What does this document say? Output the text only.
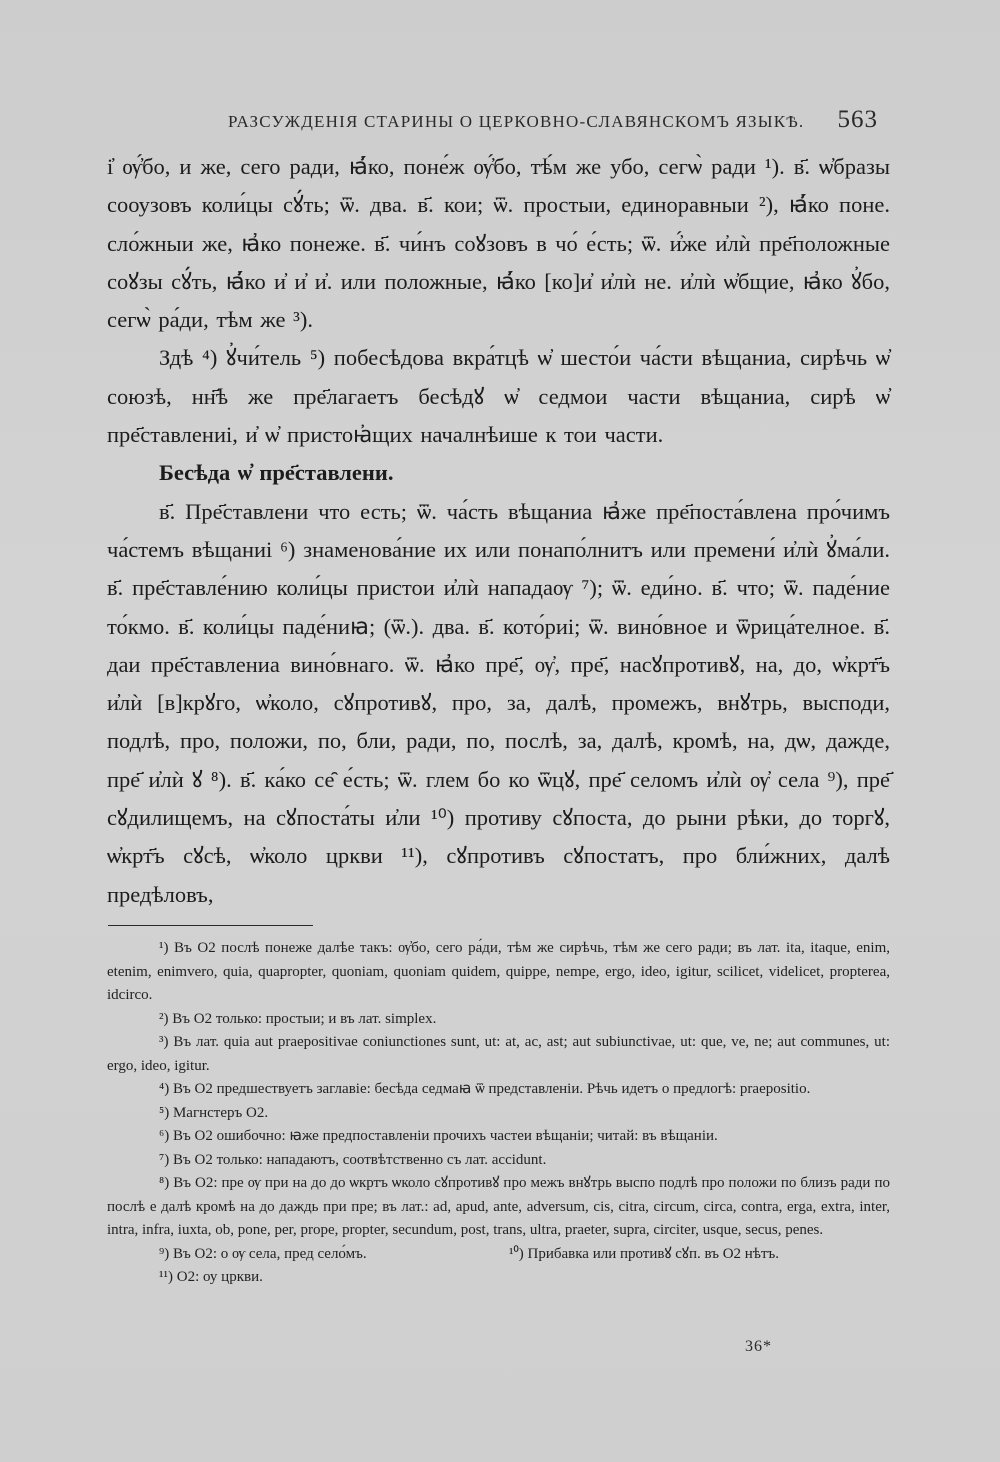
РАЗСУЖДЕНІЯ СТАРИНЫ О ЦЕРКОВНО-СЛАВЯНСКОМЪ ЯЗЫКѢ. 563

і҆ ѹ҆́бо, и же, сего ради, ꙗ҆́ко, поне́ж ѹ҆́бо, тѣ́м же убо, сегѡ̀ ради ¹). в҃. ѡ҆бразы сооузовъ коли́цы сꙋ́ть; ѿ. два. в҃. кои; ѿ. простыи, единоравныи ²), ꙗ҆́ко поне. сло́жныи же, ꙗ҆ко понеже. в҃. чи́нъ соꙋзовъ в чо́ е́сть; ѿ. и҆́же и҆лѝ пре҃положные соꙋзы сꙋ́ть, ꙗ҆́ко и҆ и҆ и҆. или положные, ꙗ҆́ко [ко]и҆ и҆лѝ не. и҆лѝ ѡ҆бщие, ꙗ҆ко ꙋ҆бо, сегѡ̀ ра́ди, тѣм же ³).

Здѣ ⁴) ꙋ҆чи́тель ⁵) побесѣдова вкра́тцѣ ѡ҆ шесто́и ча́сти вѣщаниа, сирѣчь ѡ҆ союзѣ, нн҃ѣ же пре҃лагаетъ бесѣдꙋ ѡ҆ седмои части вѣщаниа, сирѣ ѡ҆ пре҃ставлениі, и҆ ѡ҆ пристоꙗ҆щих началнѣише к тои части.

Бесѣда ѡ҆ пре҃ставлени.

в҃. Пре҃ставлени что есть; ѿ. ча́сть вѣщаниа ꙗ҆же пре҃поста́влена про́чимъ ча́стемъ вѣщаниі ⁶) знаменова́ние их или понапо́лнитъ или премени́ и҆лѝ ꙋ҆ма́ли. в҃. пре҃ставле́нию коли́цы пристои и҆лѝ нападаѹ ⁷); ѿ. еди́но. в҃. что; ѿ. паде́ние то́кмо. в҃. коли́цы паде́ниꙗ; (ѿ.). два. в҃. кото́риі; ѿ. вино́вное и ѿрица́телное. в҃. даи пре҃ставлениа вино́внаго. ѿ. ꙗ҆ко пре҃, ѹ҆, пре҃, насꙋпротивꙋ, на, до, ѡ҆крт҃ъ и҆лѝ [в]крꙋго, ѡ҆коло, сꙋпротивꙋ, про, за, далѣ, промежъ, внꙋтрь, высподи, подлѣ, про, положи, по, бли, ради, по, послѣ, за, далѣ, кромѣ, на, дѡ, дажде, пре҃ и҆лѝ ꙋ ⁸). в҃. ка́ко се̑ е́сть; ѿ. глем бо ко ѿцꙋ, пре҃ селомъ и҆лѝ ѹ҆ села ⁹), пре҃ сꙋдилищемъ, на сꙋпоста́ты и҆ли ¹⁰) противу сꙋпоста, до рыни рѣки, до торгꙋ, ѡ҆крт҃ъ сꙋсѣ, ѡ҆коло цркви ¹¹), сꙋпротивъ сꙋпостатъ, про бли́жних, далѣ предѣловъ,

¹) Въ О2 послѣ понеже далѣе такъ: ѹ҆бо, сего ра́ди, тѣм же сирѣчь, тѣм же сего ради; въ лат. ita, itaque, enim, etenim, enimvero, quia, quapropter, quoniam, quoniam quidem, quippe, nempe, ergo, ideo, igitur, scilicet, videlicet, propterea, idcirco.

²) Въ О2 только: простыи; и въ лат. simplex.

³) Въ лат. quia aut praepositivae coniunctiones sunt, ut: at, ac, ast; aut subiunctivae, ut: que, ve, ne; aut communes, ut: ergo, ideo, igitur.

⁴) Въ О2 предшествуетъ заглавіе: бесѣда седмаꙗ ѿ представленіи. Рѣчь идетъ о предлогѣ: praepositio.

⁵) Магнстеръ О2.

⁶) Въ О2 ошибочно: ꙗже предпоставленіи прочихъ частеи вѣщаніи; читай: въ вѣщаніи.

⁷) Въ О2 только: нападаютъ, соотвѣтственно съ лат. accidunt.

⁸) Въ О2: пре ѹ при на до до ѡкртъ ѡколо сꙋпротивꙋ про межъ внꙋтрь выспо подлѣ про положи по близъ ради по послѣ е далѣ кромѣ на до даждь при пре; въ лат.: ad, apud, ante, adversum, cis, citra, circum, circa, contra, erga, extra, inter, intra, infra, iuxta, ob, pone, per, prope, propter, secundum, post, trans, ultra, praeter, supra, circiter, usque, secus, penes.

⁹) Въ О2: о ѹ села, пред село́мъ.	¹⁰) Прибавка или противꙋ сꙋп. въ О2 нѣтъ.

¹¹) О2: оу цркви.

36*
